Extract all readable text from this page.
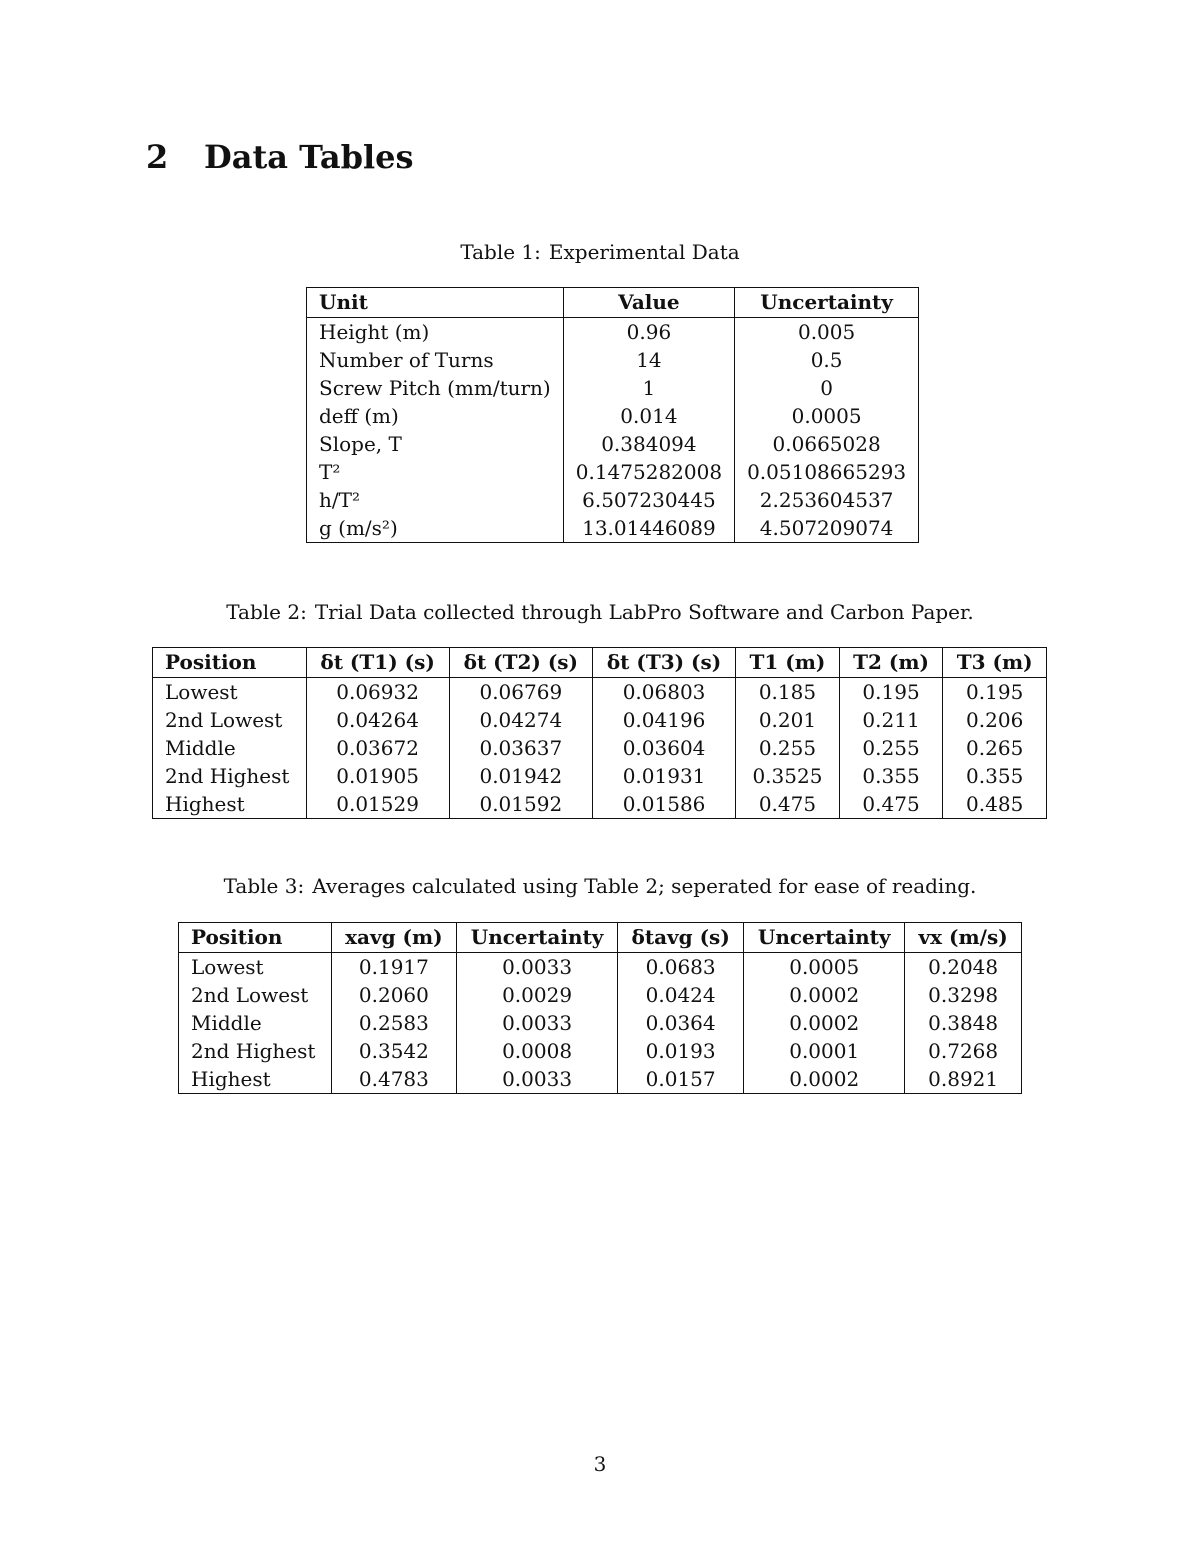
2 Data Tables
Table 1: Experimental Data
Unit	Value	Uncertainty
Height (m)	0.96	0.005
Number of Turns	14	0.5
Screw Pitch (mm/turn)	1	0
deff (m)	0.014	0.0005
Slope, T	0.384094	0.0665028
T²	0.1475282008	0.05108665293
h/T²	6.507230445	2.253604537
g (m/s²)	13.01446089	4.507209074
Table 2: Trial Data collected through LabPro Software and Carbon Paper.
Position	δt (T1) (s)	δt (T2) (s)	δt (T3) (s)	T1 (m)	T2 (m)	T3 (m)
Lowest	0.06932	0.06769	0.06803	0.185	0.195	0.195
2nd Lowest	0.04264	0.04274	0.04196	0.201	0.211	0.206
Middle	0.03672	0.03637	0.03604	0.255	0.255	0.265
2nd Highest	0.01905	0.01942	0.01931	0.3525	0.355	0.355
Highest	0.01529	0.01592	0.01586	0.475	0.475	0.485
Table 3: Averages calculated using Table 2; seperated for ease of reading.
Position	xavg (m)	Uncertainty	δtavg (s)	Uncertainty	vx (m/s)
Lowest	0.1917	0.0033	0.0683	0.0005	0.2048
2nd Lowest	0.2060	0.0029	0.0424	0.0002	0.3298
Middle	0.2583	0.0033	0.0364	0.0002	0.3848
2nd Highest	0.3542	0.0008	0.0193	0.0001	0.7268
Highest	0.4783	0.0033	0.0157	0.0002	0.8921
3
